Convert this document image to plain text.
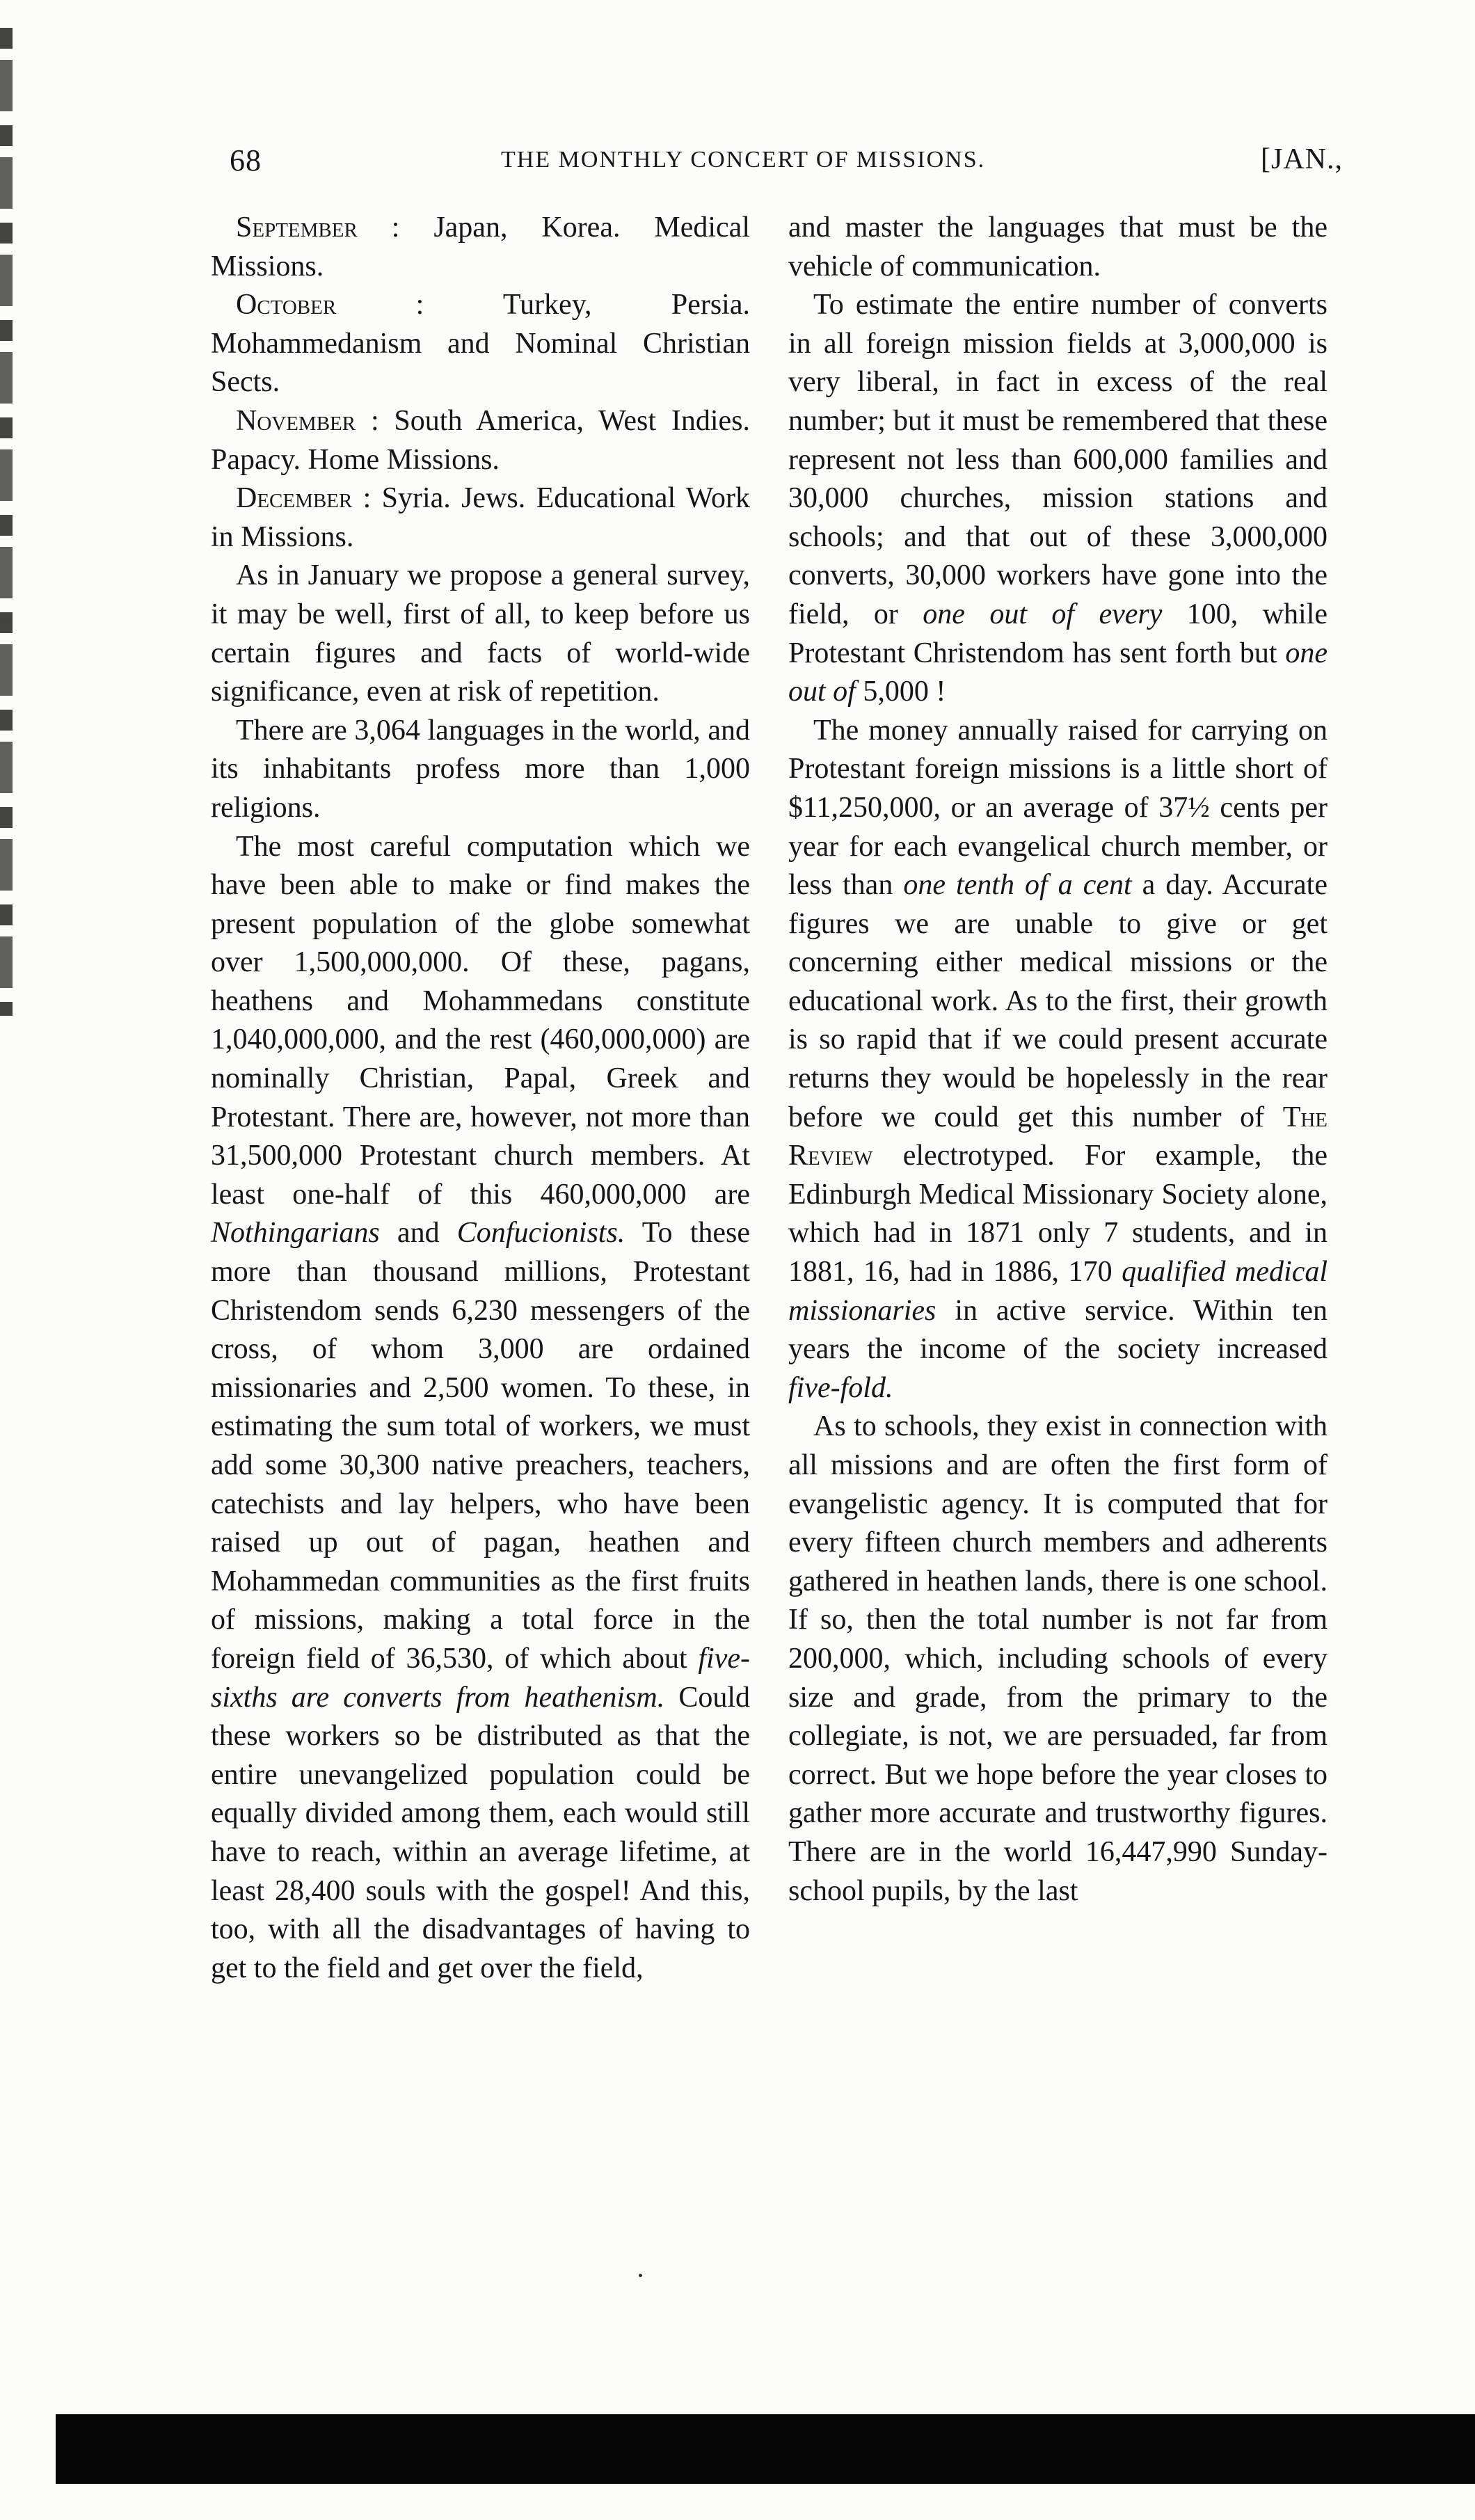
68	THE MONTHLY CONCERT OF MISSIONS.	[JAN.,

September : Japan, Korea. Medical Missions.

October : Turkey, Persia. Mohammedanism and Nominal Christian Sects.

November : South America, West Indies. Papacy. Home Missions.

December : Syria. Jews. Educational Work in Missions.

As in January we propose a general survey, it may be well, first of all, to keep before us certain figures and facts of world-wide significance, even at risk of repetition.

There are 3,064 languages in the world, and its inhabitants profess more than 1,000 religions.

The most careful computation which we have been able to make or find makes the present population of the globe somewhat over 1,500,000,000. Of these, pagans, heathens and Mohammedans constitute 1,040,000,000, and the rest (460,000,000) are nominally Christian, Papal, Greek and Protestant. There are, however, not more than 31,500,000 Protestant church members. At least one-half of this 460,000,000 are Nothingarians and Confucionists. To these more than thousand millions, Protestant Christendom sends 6,230 messengers of the cross, of whom 3,000 are ordained missionaries and 2,500 women. To these, in estimating the sum total of workers, we must add some 30,300 native preachers, teachers, catechists and lay helpers, who have been raised up out of pagan, heathen and Mohammedan communities as the first fruits of missions, making a total force in the foreign field of 36,530, of which about five-sixths are converts from heathenism. Could these workers so be distributed as that the entire unevangelized population could be equally divided among them, each would still have to reach, within an average lifetime, at least 28,400 souls with the gospel! And this, too, with all the disadvantages of having to get to the field and get over the field,

and master the languages that must be the vehicle of communication.

To estimate the entire number of converts in all foreign mission fields at 3,000,000 is very liberal, in fact in excess of the real number; but it must be remembered that these represent not less than 600,000 families and 30,000 churches, mission stations and schools; and that out of these 3,000,000 converts, 30,000 workers have gone into the field, or one out of every 100, while Protestant Christendom has sent forth but one out of 5,000 !

The money annually raised for carrying on Protestant foreign missions is a little short of $11,250,000, or an average of 37½ cents per year for each evangelical church member, or less than one tenth of a cent a day. Accurate figures we are unable to give or get concerning either medical missions or the educational work. As to the first, their growth is so rapid that if we could present accurate returns they would be hopelessly in the rear before we could get this number of The Review electrotyped. For example, the Edinburgh Medical Missionary Society alone, which had in 1871 only 7 students, and in 1881, 16, had in 1886, 170 qualified medical missionaries in active service. Within ten years the income of the society increased five-fold.

As to schools, they exist in connection with all missions and are often the first form of evangelistic agency. It is computed that for every fifteen church members and adherents gathered in heathen lands, there is one school. If so, then the total number is not far from 200,000, which, including schools of every size and grade, from the primary to the collegiate, is not, we are persuaded, far from correct. But we hope before the year closes to gather more accurate and trustworthy figures. There are in the world 16,447,990 Sunday-school pupils, by the last
